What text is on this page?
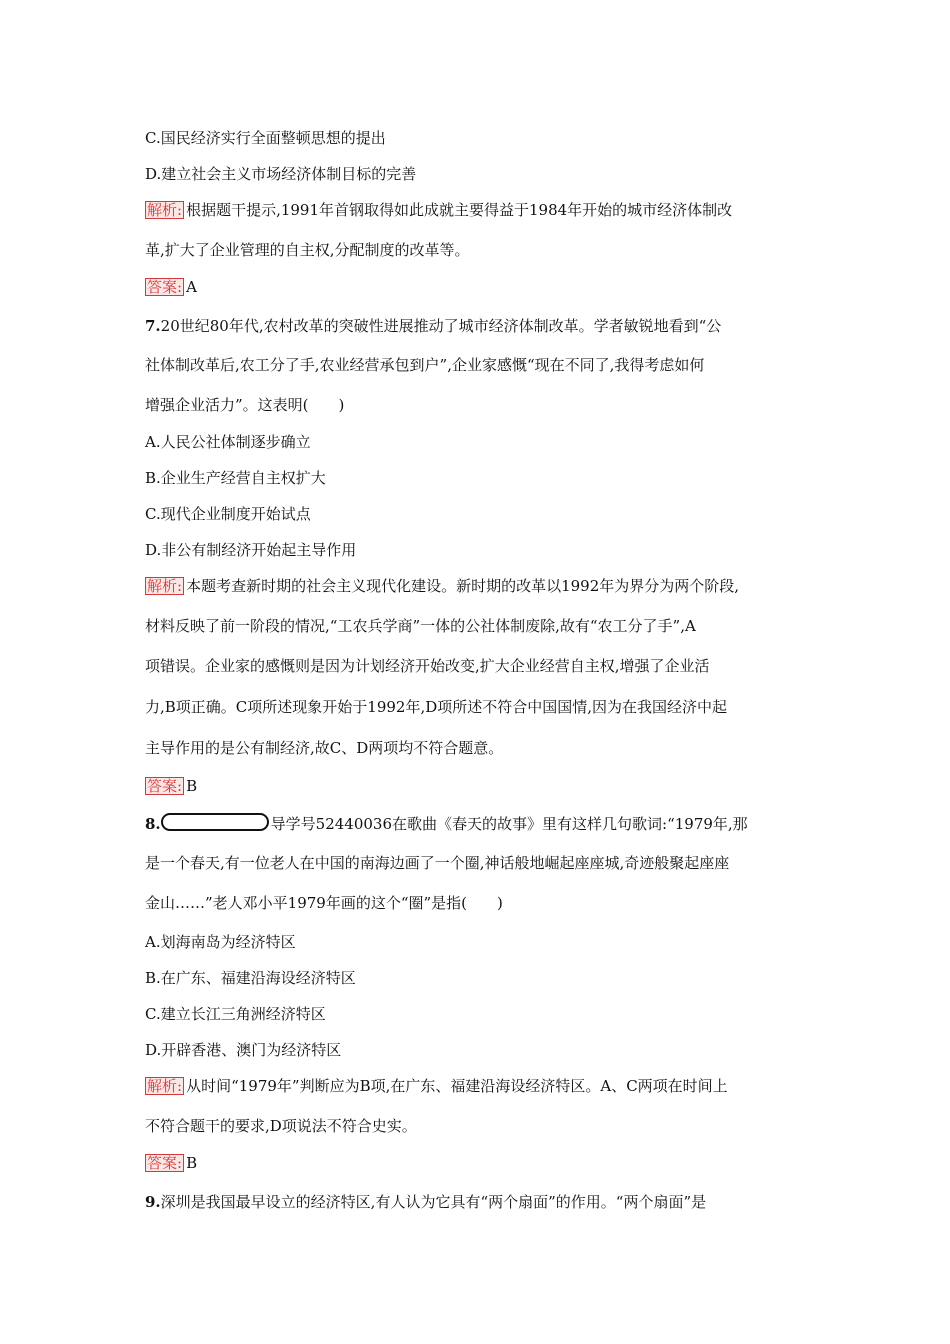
C.国民经济实行全面整顿思想的提出
D.建立社会主义市场经济体制目标的完善
解析: 根据题干提示,1991年首钢取得如此成就主要得益于1984年开始的城市经济体制改
革,扩大了企业管理的自主权,分配制度的改革等。
答案: A
7.20世纪80年代,农村改革的突破性进展推动了城市经济体制改革。学者敏锐地看到“公
社体制改革后,农工分了手,农业经营承包到户”,企业家感慨“现在不同了,我得考虑如何
增强企业活力”。这表明(　　)
A.人民公社体制逐步确立
B.企业生产经营自主权扩大
C.现代企业制度开始试点
D.非公有制经济开始起主导作用
解析: 本题考查新时期的社会主义现代化建设。新时期的改革以1992年为界分为两个阶段,
材料反映了前一阶段的情况,“工农兵学商”一体的公社体制废除,故有“农工分了手”,A
项错误。企业家的感慨则是因为计划经济开始改变,扩大企业经营自主权,增强了企业活
力,B项正确。C项所述现象开始于1992年,D项所述不符合中国国情,因为在我国经济中起
主导作用的是公有制经济,故C、D两项均不符合题意。
答案: B
8.	导学号52440036在歌曲《春天的故事》里有这样几句歌词:“1979年,那
是一个春天,有一位老人在中国的南海边画了一个圈,神话般地崛起座座城,奇迹般聚起座座
金山……”老人邓小平1979年画的这个“圈”是指(　　)
A.划海南岛为经济特区
B.在广东、福建沿海设经济特区
C.建立长江三角洲经济特区
D.开辟香港、澳门为经济特区
解析: 从时间“1979年”判断应为B项,在广东、福建沿海设经济特区。A、C两项在时间上
不符合题干的要求,D项说法不符合史实。
答案: B
9.深圳是我国最早设立的经济特区,有人认为它具有“两个扇面”的作用。“两个扇面”是
